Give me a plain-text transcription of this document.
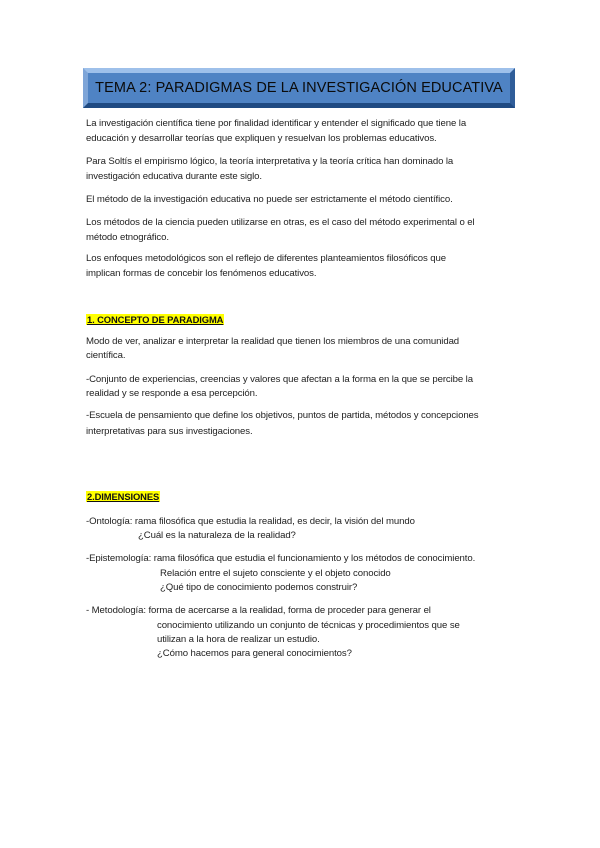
TEMA 2: PARADIGMAS DE LA INVESTIGACIÓN EDUCATIVA
La investigación científica tiene por finalidad identificar y entender el significado que tiene la
educación y desarrollar teorías que expliquen y resuelvan los problemas educativos.
Para Soltís el empirismo lógico, la teoría interpretativa y la teoría crítica han dominado la
investigación educativa durante este siglo.
El método de la investigación educativa no puede ser estrictamente el método científico.
Los métodos de la ciencia pueden utilizarse en otras, es el caso del método experimental o el
método etnográfico.
Los enfoques metodológicos son el reflejo de diferentes planteamientos filosóficos que
implican formas de concebir los fenómenos educativos.
1. CONCEPTO DE PARADIGMA
Modo de ver, analizar e interpretar la realidad que tienen los miembros de una comunidad
científica.
-Conjunto de experiencias, creencias y valores que afectan a la forma en la que se percibe la
realidad y se responde a esa percepción.
-Escuela de pensamiento que define los objetivos, puntos de partida, métodos y concepciones
interpretativas para sus investigaciones.
2.DIMENSIONES
-Ontología: rama filosófica que estudia la realidad, es decir, la visión del mundo
¿Cuál es la naturaleza de la realidad?
-Epistemología: rama filosófica que estudia el funcionamiento y los métodos de conocimiento.
Relación entre el sujeto consciente y el objeto conocido
¿Qué tipo de conocimiento podemos construir?
- Metodología: forma de acercarse a la realidad, forma de proceder para generar el
conocimiento utilizando un conjunto de técnicas y procedimientos que se
utilizan a la hora de realizar un estudio.
¿Cómo hacemos para general conocimientos?
